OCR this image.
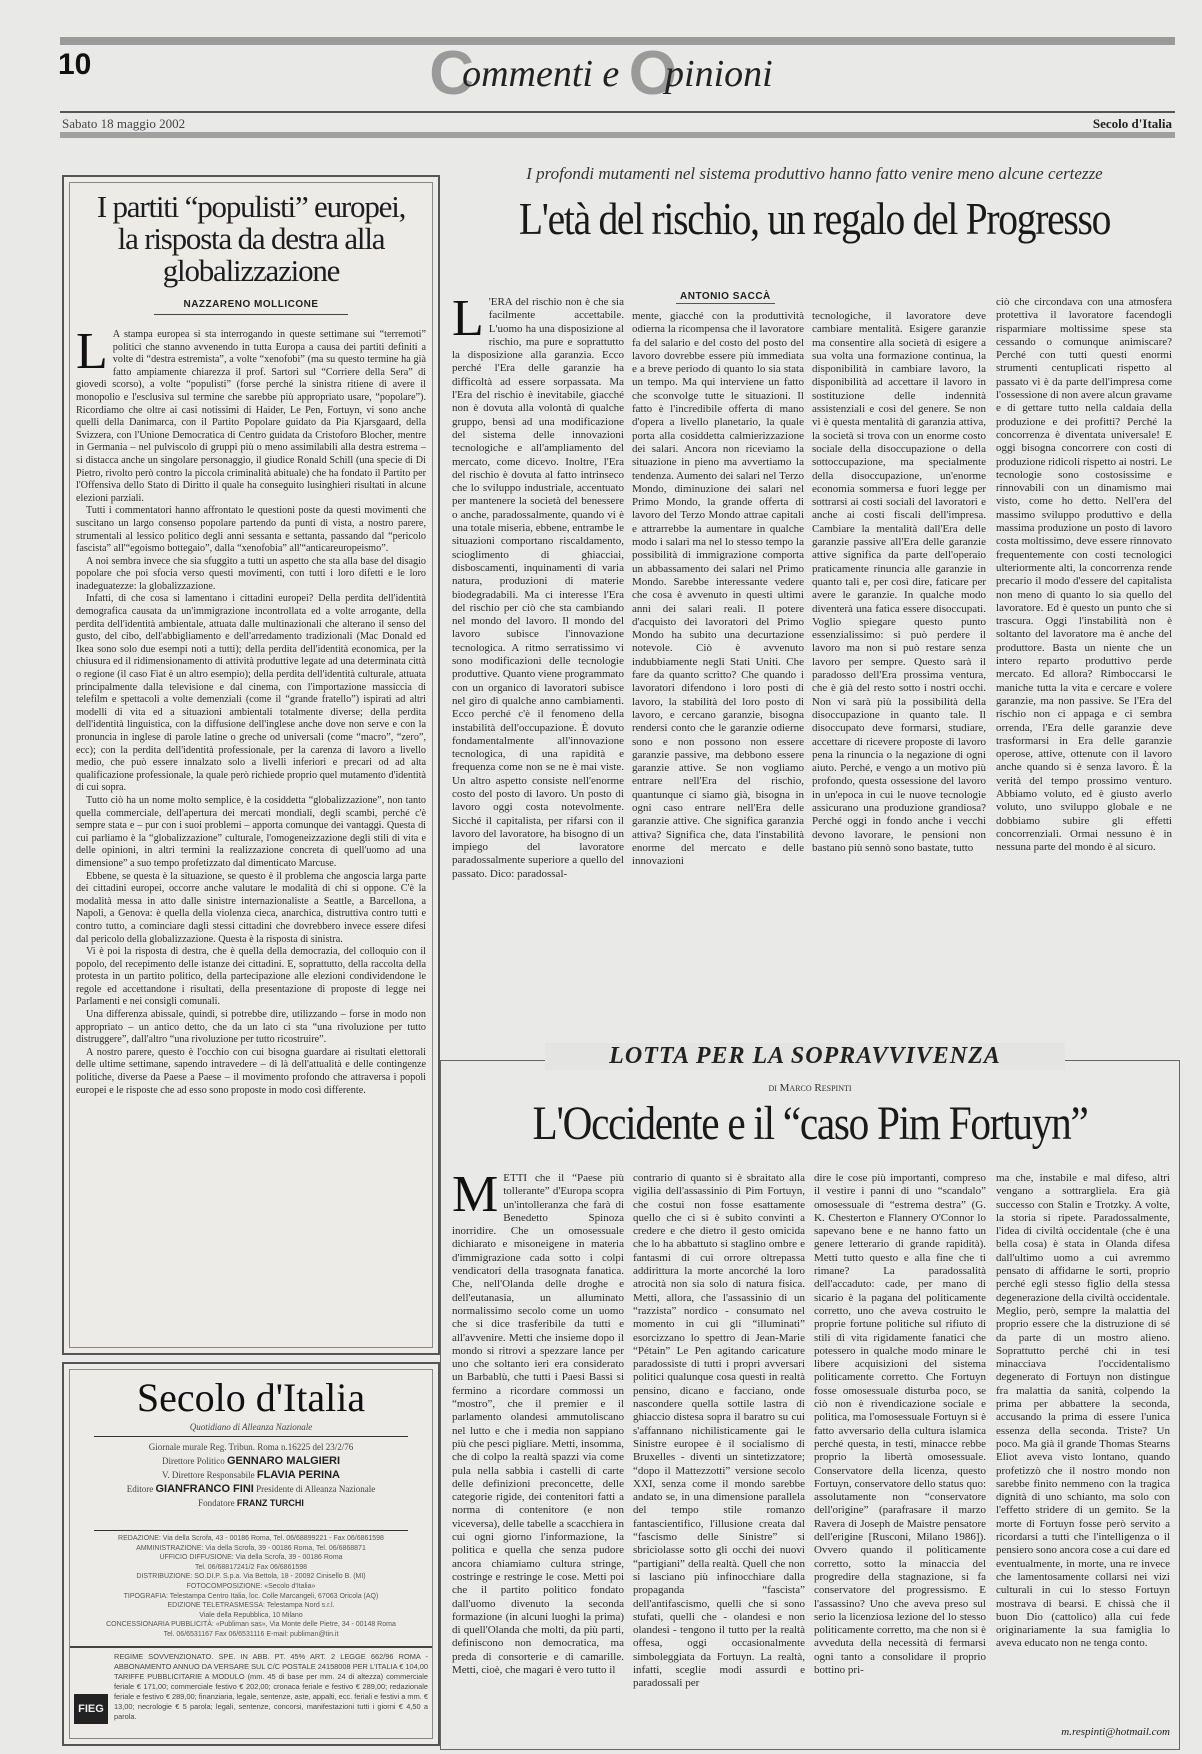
10	Commenti e Opinioni
Sabato 18 maggio 2002	Secolo d'Italia
I partiti “populisti” europei, la risposta da destra alla globalizzazione
NAZZARENO MOLLICONE
L A stampa europea si sta interrogando in queste settimane sui “terremoti” politici che stanno avvenendo in tutta Europa a causa dei partiti definiti a volte di “destra estremista”, a volte “xenofobi” (ma su questo termine ha già fatto ampiamente chiarezza il prof. Sartori sul “Corriere della Sera” di giovedì scorso), a volte “populisti” (forse perché la sinistra ritiene di avere il monopolio e l'esclusiva sul termine che sarebbe più appropriato usare, “popolare”). Ricordiamo che oltre ai casi notissimi di Haider, Le Pen, Fortuyn, vi sono anche quelli della Danimarca, con il Partito Popolare guidato da Pia Kjarsgaard, della Svizzera, con l'Unione Democratica di Centro guidata da Cristoforo Blocher, mentre in Germania – nel pulviscolo di gruppi più o meno assimilabili alla destra estrema – si distacca anche un singolare personaggio, il giudice Ronald Schill (una specie di Di Pietro, rivolto però contro la piccola criminalità abituale) che ha fondato il Partito per l'Offensiva dello Stato di Diritto il quale ha conseguito lusinghieri risultati in alcune elezioni parziali.

Tutti i commentatori hanno affrontato le questioni poste da questi movimenti che suscitano un largo consenso popolare partendo da punti di vista, a nostro parere, strumentali al lessico politico degli anni sessanta e settanta, passando dal “pericolo fascista” all'“egoismo bottegaio”, dalla “xenofobia” all'“anticareuropeismo”.

A noi sembra invece che sia sfuggito a tutti un aspetto che sta alla base del disagio popolare che poi sfocia verso questi movimenti, con tutti i loro difetti e le loro inadeguatezze: la globalizzazione.

Infatti, di che cosa si lamentano i cittadini europei? Della perdita dell'identità demografica causata da un'immigrazione incontrollata ed a volte arrogante, della perdita dell'identità ambientale, attuata dalle multinazionali che alterano il senso del gusto, del cibo, dell'abbigliamento e dell'arredamento tradizionali (Mac Donald ed Ikea sono solo due esempi noti a tutti); della perdita dell'identità economica, per la chiusura ed il ridimensionamento di attività produttive legate ad una determinata città o regione (il caso Fiat è un altro esempio); della perdita dell'identità culturale, attuata principalmente dalla televisione e dal cinema, con l'importazione massiccia di telefilm e spettacoli a volte demenziali (come il “grande fratello”) ispirati ad altri modelli di vita ed a situazioni ambientali totalmente diverse; della perdita dell'identità linguistica, con la diffusione dell'inglese anche dove non serve e con la pronuncia in inglese di parole latine o greche od universali (come “macro”, “zero”, ecc); con la perdita dell'identità professionale, per la carenza di lavoro a livello medio, che può essere innalzato solo a livelli inferiori e precari od ad alta qualificazione professionale, la quale però richiede proprio quel mutamento d'identità di cui sopra.

Tutto ciò ha un nome molto semplice, è la cosiddetta “globalizzazione”, non tanto quella commerciale, dell'apertura dei mercati mondiali, degli scambi, perché c'è sempre stata e – pur con i suoi problemi – apporta comunque dei vantaggi. Questa di cui parliamo è la “globalizzazione” culturale, l'omogeneizzazione degli stili di vita e delle opinioni, in altri termini la realizzazione concreta di quell'uomo ad una dimensione” a suo tempo profetizzato dal dimenticato Marcuse.

Ebbene, se questa è la situazione, se questo è il problema che angoscia larga parte dei cittadini europei, occorre anche valutare le modalità di chi si oppone. C'è la modalità messa in atto dalle sinistre internazionaliste a Seattle, a Barcellona, a Napoli, a Genova: è quella della violenza cieca, anarchica, distruttiva contro tutti e contro tutto, a cominciare dagli stessi cittadini che dovrebbero invece essere difesi dal pericolo della globalizzazione. Questa è la risposta di sinistra.

Vi è poi la risposta di destra, che è quella della democrazia, del colloquio con il popolo, del recepimento delle istanze dei cittadini. E, soprattutto, della raccolta della protesta in un partito politico, della partecipazione alle elezioni condividendone le regole ed accettandone i risultati, della presentazione di proposte di legge nei Parlamenti e nei consigli comunali.

Una differenza abissale, quindi, si potrebbe dire, utilizzando – forse in modo non appropriato – un antico detto, che da un lato ci sta “una rivoluzione per tutto distruggere”, dall'altro “una rivoluzione per tutto ricostruire”.

A nostro parere, questo è l'occhio con cui bisogna guardare ai risultati elettorali delle ultime settimane, sapendo intravedere – di là dell'attualità e delle contingenze politiche, diverse da Paese a Paese – il movimento profondo che attraversa i popoli europei e le risposte che ad esso sono proposte in modo così differente.

Secolo d'Italia
Quotidiano di Alleanza Nazionale
Giornale murale Reg. Tribun. Roma n.16225 del 23/2/76
Direttore Politico GENNARO MALGIERI
V. Direttore Responsabile FLAVIA PERINA
Editore GIANFRANCO FINI Presidente di Alleanza Nazionale
Fondatore FRANZ TURCHI
REDAZIONE: Via della Scrofa, 43 - 00186 Roma, Tel. 06/68899221 - Fax 06/6861598
AMMINISTRAZIONE: Via della Scrofa, 39 - 00186 Roma, Tel. 06/6868871
UFFICIO DIFFUSIONE: Via della Scrofa, 39 - 00186 Roma
Tel. 06/68817241/2 Fax 06/6861598
DISTRIBUZIONE: SO.DI.P. S.p.a. Via Bettola, 18 - 20092 Cinisello B. (MI)
FOTOCOMPOSIZIONE: «Secolo d'Italia»
TIPOGRAFIA: Telestampa Centro Italia, loc. Colle Marcangeli, 67063 Oricola (AQ)
EDIZIONE TELETRASMESSA: Telestampa Nord s.r.l.
Viale della Repubblica, 10 Milano
CONCESSIONARIA PUBBLICITÀ: «Publiman sas», Via Monte delle Pietre, 34 - 00148 Roma
Tel. 06/6531167 Fax 06/6531116 E-mail: publiman@tin.it
FIEG
REGIME SOVVENZIONATO. SPE. IN ABB. PT. 45% ART. 2 LEGGE 662/96 ROMA - ABBONAMENTO ANNUO DA VERSARE SUL C/C POSTALE 24158008 PER L'ITALIA € 104,00 TARIFFE PUBBLICITARIE A MODULO (mm. 45 di base per mm. 24 di altezza) commerciale feriale € 171,00; commerciale festivo € 202,00; cronaca feriale e festivo € 289,00; redazionale feriale e festivo € 289,00; finanziaria, legale, sentenze, aste, appalti, ecc. feriali e festivi a mm. € 13,00; necrologie € 5 parola; legali, sentenze, concorsi, manifestazioni tutti i giorni € 4,50 a parola.
I profondi mutamenti nel sistema produttivo hanno fatto venire meno alcune certezze
L'età del rischio, un regalo del Progresso
ANTONIO SACCÀ
L 'ERA del rischio non è che sia facilmente accettabile. L'uomo ha una disposizione al rischio, ma pure e soprattutto la disposizione alla garanzia. Ecco perché l'Era delle garanzie ha difficoltà ad essere sorpassata. Ma l'Era del rischio è inevitabile, giacché non è dovuta alla volontà di qualche gruppo, bensì ad una modificazione del sistema delle innovazioni tecnologiche e all'ampliamento del mercato, come dicevo. Inoltre, l'Era del rischio è dovuta al fatto intrinseco che lo sviluppo industriale, accentuato per mantenere la società del benessere o anche, paradossalmente, quando vi è una totale miseria, ebbene, entrambe le situazioni comportano riscaldamento, scioglimento di ghiacciai, disboscamenti, inquinamenti di varia natura, produzioni di materie biodegradabili. Ma ci interesse l'Era del rischio per ciò che sta cambiando nel mondo del lavoro. Il mondo del lavoro subisce l'innovazione tecnologica. A ritmo serratissimo vi sono modificazioni delle tecnologie produttive. Quanto viene programmato con un organico di lavoratori subisce nel giro di qualche anno cambiamenti. Ecco perché c'è il fenomeno della instabilità dell'occupazione. È dovuto fondamentalmente all'innovazione tecnologica, di una rapidità e frequenza come non se ne è mai viste. Un altro aspetto consiste nell'enorme costo del posto di lavoro. Un posto di lavoro oggi costa notevolmente. Sicché il capitalista, per rifarsi con il lavoro del lavoratore, ha bisogno di un impiego del lavoratore paradossalmente superiore a quello del passato. Dico: paradossal-

mente, giacché con la produttività odierna la ricompensa che il lavoratore fa del salario e del costo del posto del lavoro dovrebbe essere più immediata e a breve periodo di quanto lo sia stata un tempo. Ma qui interviene un fatto che sconvolge tutte le situazioni. Il fatto è l'incredibile offerta di mano d'opera a livello planetario, la quale porta alla cosiddetta calmierizzazione dei salari. Ancora non riceviamo la situazione in pieno ma avvertiamo la tendenza. Aumento dei salari nel Terzo Mondo, diminuzione dei salari nel Primo Mondo, la grande offerta di lavoro del Terzo Mondo attrae capitali e attrarrebbe la aumentare in qualche modo i salari ma nel lo stesso tempo la possibilità di immigrazione comporta un abbassamento dei salari nel Primo Mondo. Sarebbe interessante vedere che cosa è avvenuto in questi ultimi anni dei salari reali. Il potere d'acquisto dei lavoratori del Primo Mondo ha subito una decurtazione notevole. Ciò è avvenuto indubbiamente negli Stati Uniti. Che fare da quanto scritto? Che quando i lavoratori difendono i loro posti di lavoro, la stabilità del loro posto di lavoro, e cercano garanzie, bisogna rendersi conto che le garanzie odierne sono e non possono non essere garanzie passive, ma debbono essere garanzie attive. Se non vogliamo entrare nell'Era del rischio, quantunque ci siamo già, bisogna in ogni caso entrare nell'Era delle garanzie attive. Che significa garanzia attiva? Significa che, data l'instabilità enorme del mercato e delle innovazioni

tecnologiche, il lavoratore deve cambiare mentalità. Esigere garanzie ma consentire alla società di esigere a sua volta una formazione continua, la disponibilità in cambiare lavoro, la disponibilità ad accettare il lavoro in sostituzione delle indennità assistenziali e così del genere. Se non vi è questa mentalità di garanzia attiva, la società si trova con un enorme costo sociale della disoccupazione o della sottoccupazione, ma specialmente della disoccupazione, un'enorme economia sommersa e fuori legge per sottrarsi ai costi sociali del lavoratori e anche ai costi fiscali dell'impresa. Cambiare la mentalità dall'Era delle garanzie passive all'Era delle garanzie attive significa da parte dell'operaio praticamente rinuncia alle garanzie in quanto tali e, per così dire, faticare per avere le garanzie. In qualche modo diventerà una fatica essere disoccupati. Voglio spiegare questo punto essenzialissimo: si può perdere il lavoro ma non si può restare senza lavoro per sempre. Questo sarà il paradosso dell'Era prossima ventura, che è già del resto sotto i nostri occhi. Non vi sarà più la possibilità della disoccupazione in quanto tale. Il disoccupato deve formarsi, studiare, accettare di ricevere proposte di lavoro pena la rinuncia o la negazione di ogni aiuto. Perché, e vengo a un motivo più profondo, questa ossessione del lavoro in un'epoca in cui le nuove tecnologie assicurano una produzione grandiosa? Perché oggi in fondo anche i vecchi devono lavorare, le pensioni non bastano più sennò sono bastate, tutto

ciò che circondava con una atmosfera protettiva il lavoratore facendogli risparmiare moltissime spese sta cessando o comunque animiscare? Perché con tutti questi enormi strumenti centuplicati rispetto al passato vi è da parte dell'impresa come l'ossessione di non avere alcun gravame e di gettare tutto nella caldaia della produzione e dei profitti? Perché la concorrenza è diventata universale! E oggi bisogna concorrere con costi di produzione ridicoli rispetto ai nostri. Le tecnologie sono costosissime e rinnovabili con un dinamismo mai visto, come ho detto. Nell'era del massimo sviluppo produttivo e della massima produzione un posto di lavoro costa moltissimo, deve essere rinnovato frequentemente con costi tecnologici ulteriormente alti, la concorrenza rende precario il modo d'essere del capitalista non meno di quanto lo sia quello del lavoratore. Ed è questo un punto che si trascura. Oggi l'instabilità non è soltanto del lavoratore ma è anche del produttore. Basta un niente che un intero reparto produttivo perde mercato. Ed allora? Rimboccarsi le maniche tutta la vita e cercare e volere garanzie, ma non passive. Se l'Era del rischio non ci appaga e ci sembra orrenda, l'Era delle garanzie deve trasformarsi in Era delle garanzie operose, attive, ottenute con il lavoro anche quando si è senza lavoro. È la verità del tempo prossimo venturo. Abbiamo voluto, ed è giusto averlo voluto, uno sviluppo globale e ne dobbiamo subire gli effetti concorrenziali. Ormai nessuno è in nessuna parte del mondo è al sicuro.

LOTTA PER LA SOPRAVVIVENZA
di Marco Respinti
L'Occidente e il “caso Pim Fortuyn”
M ETTI che il “Paese più tollerante” d'Europa scopra un'intolleranza che farà di Benedetto Spinoza inorridire. Che un omosessuale dichiarato e misoneigene in materia d'immigrazione cada sotto i colpi vendicatori della trasognata fanatica. Che, nell'Olanda delle droghe e dell'eutanasia, un alluminato normalissimo secolo come un uomo che si dice trasferibile da tutti e all'avvenire. Metti che insieme dopo il mondo si ritrovi a spezzare lance per uno che soltanto ieri era considerato un Barbablù, che tutti i Paesi Bassi si fermino a ricordare commossi un “mostro”, che il premier e il parlamento olandesi ammutoliscano nel lutto e che i media non sappiano più che pesci pigliare. Metti, insomma, che di colpo la realtà spazzi via come pula nella sabbia i castelli di carte delle definizioni preconcette, delle categorie rigide, dei contenitori fatti a norma di contenitore (e non viceversa), delle tabelle a scacchiera in cui ogni giorno l'informazione, la politica e quella che senza pudore ancora chiamiamo cultura stringe, costringe e restringe le cose. Metti poi che il partito politico fondato dall'uomo divenuto la seconda formazione (in alcuni luoghi la prima) di quell'Olanda che molti, da più parti, definiscono non democratica, ma preda di consorterie e di camarille. Metti, cioè, che magari è vero tutto il

contrario di quanto si è sbraitato alla vigilia dell'assassinio di Pim Fortuyn, che costui non fosse esattamente quello che ci si è subito convinti a credere e che dietro il gesto omicida che lo ha abbattuto si staglino ombre e fantasmi di cui orrore oltrepassa addirittura la morte ancorché la loro atrocità non sia solo di natura fisica. Metti, allora, che l'assassinio di un “razzista” nordico - consumato nel momento in cui gli “illuminati” esorcizzano lo spettro di Jean-Marie “Pétain” Le Pen agitando caricature paradossiste di tutti i propri avversari politici qualunque cosa questi in realtà pensino, dicano e facciano, onde nascondere quella sottile lastra di ghiaccio distesa sopra il baratro su cui s'affannano nichilisticamente gai le Sinistre europee è il socialismo di Bruxelles - diventi un sintetizzatore; “dopo il Mattezzotti” versione secolo XXI, senza come il mondo sarebbe andato se, in una dimensione parallela del tempo stile romanzo fantascientifico, l'illusione creata dal “fascismo delle Sinistre” si sbriciolasse sotto gli occhi dei nuovi “partigiani” della realtà. Quell che non si lasciano più infinocchiare dalla propaganda “fascista” dell'antifascismo, quelli che si sono stufati, quelli che - olandesi e non olandesi - tengono il tutto per la realtà offesa, oggi occasionalmente simboleggiata da Fortuyn. La realtà, infatti, sceglie modi assurdi e paradossali per

dire le cose più importanti, compreso il vestire i panni di uno “scandalo” omosessuale di “estrema destra” (G. K. Chesterton e Flannery O'Connor lo sapevano bene e ne hanno fatto un genere letterario di grande rapidità). Metti tutto questo e alla fine che ti rimane? La paradossalità dell'accaduto: cade, per mano di sicario è la pagana del politicamente corretto, uno che aveva costruito le proprie fortune politiche sul rifiuto di stili di vita rigidamente fanatici che potessero in qualche modo minare le libere acquisizioni del sistema politicamente corretto. Che Fortuyn fosse omosessuale disturba poco, se ciò non è rivendicazione sociale e politica, ma l'omosessuale Fortuyn si è fatto avversario della cultura islamica perché questa, in testi, minacce rebbe proprio la libertà omosessuale. Conservatore della licenza, questo Fortuyn, conservatore dello status quo: assolutamente non “conservatore dell'origine” (parafrasare il marzo Ravera di Joseph de Maistre pensatore dell'erigine [Rusconi, Milano 1986]). Ovvero quando il politicamente corretto, sotto la minaccia del progredire della stagnazione, si fa conservatore del progressismo. E l'assassino? Uno che aveva preso sul serio la licenziosa lezione del lo stesso politicamente corretto, ma che non si è avveduta della necessità di fermarsi ogni tanto a consolidare il proprio bottino pri-

ma che, instabile e mal difeso, altri vengano a sottrargliela. Era già successo con Stalin e Trotzky. A volte, la storia si ripete. Paradossalmente, l'idea di civiltà occidentale (che è una bella cosa) è stata in Olanda difesa dall'ultimo uomo a cui avremmo pensato di affidarne le sorti, proprio perché egli stesso figlio della stessa degenerazione della civiltà occidentale. Meglio, però, sempre la malattia del proprio essere che la distruzione di sé da parte di un mostro alieno. Soprattutto perché chi in tesi minacciava l'occidentalismo degenerato di Fortuyn non distingue fra malattia da sanità, colpendo la prima per abbattere la seconda, accusando la prima di essere l'unica essenza della seconda. Triste? Un poco. Ma già il grande Thomas Stearns Eliot aveva visto lontano, quando profetizzò che il nostro mondo non sarebbe finito nemmeno con la tragica dignità di uno schianto, ma solo con l'effetto stridere di un gemito. Se la morte di Fortuyn fosse però servito a ricordarsi a tutti che l'intelligenza o il pensiero sono ancora cose a cui dare ed eventualmente, in morte, una re invece che lamentosamente collarsi nei vizi culturali in cui lo stesso Fortuyn mostrava di bearsi. E chissà che il buon Dio (cattolico) alla cui fede originariamente la sua famiglia lo aveva educato non ne tenga conto.

m.respinti@hotmail.com
